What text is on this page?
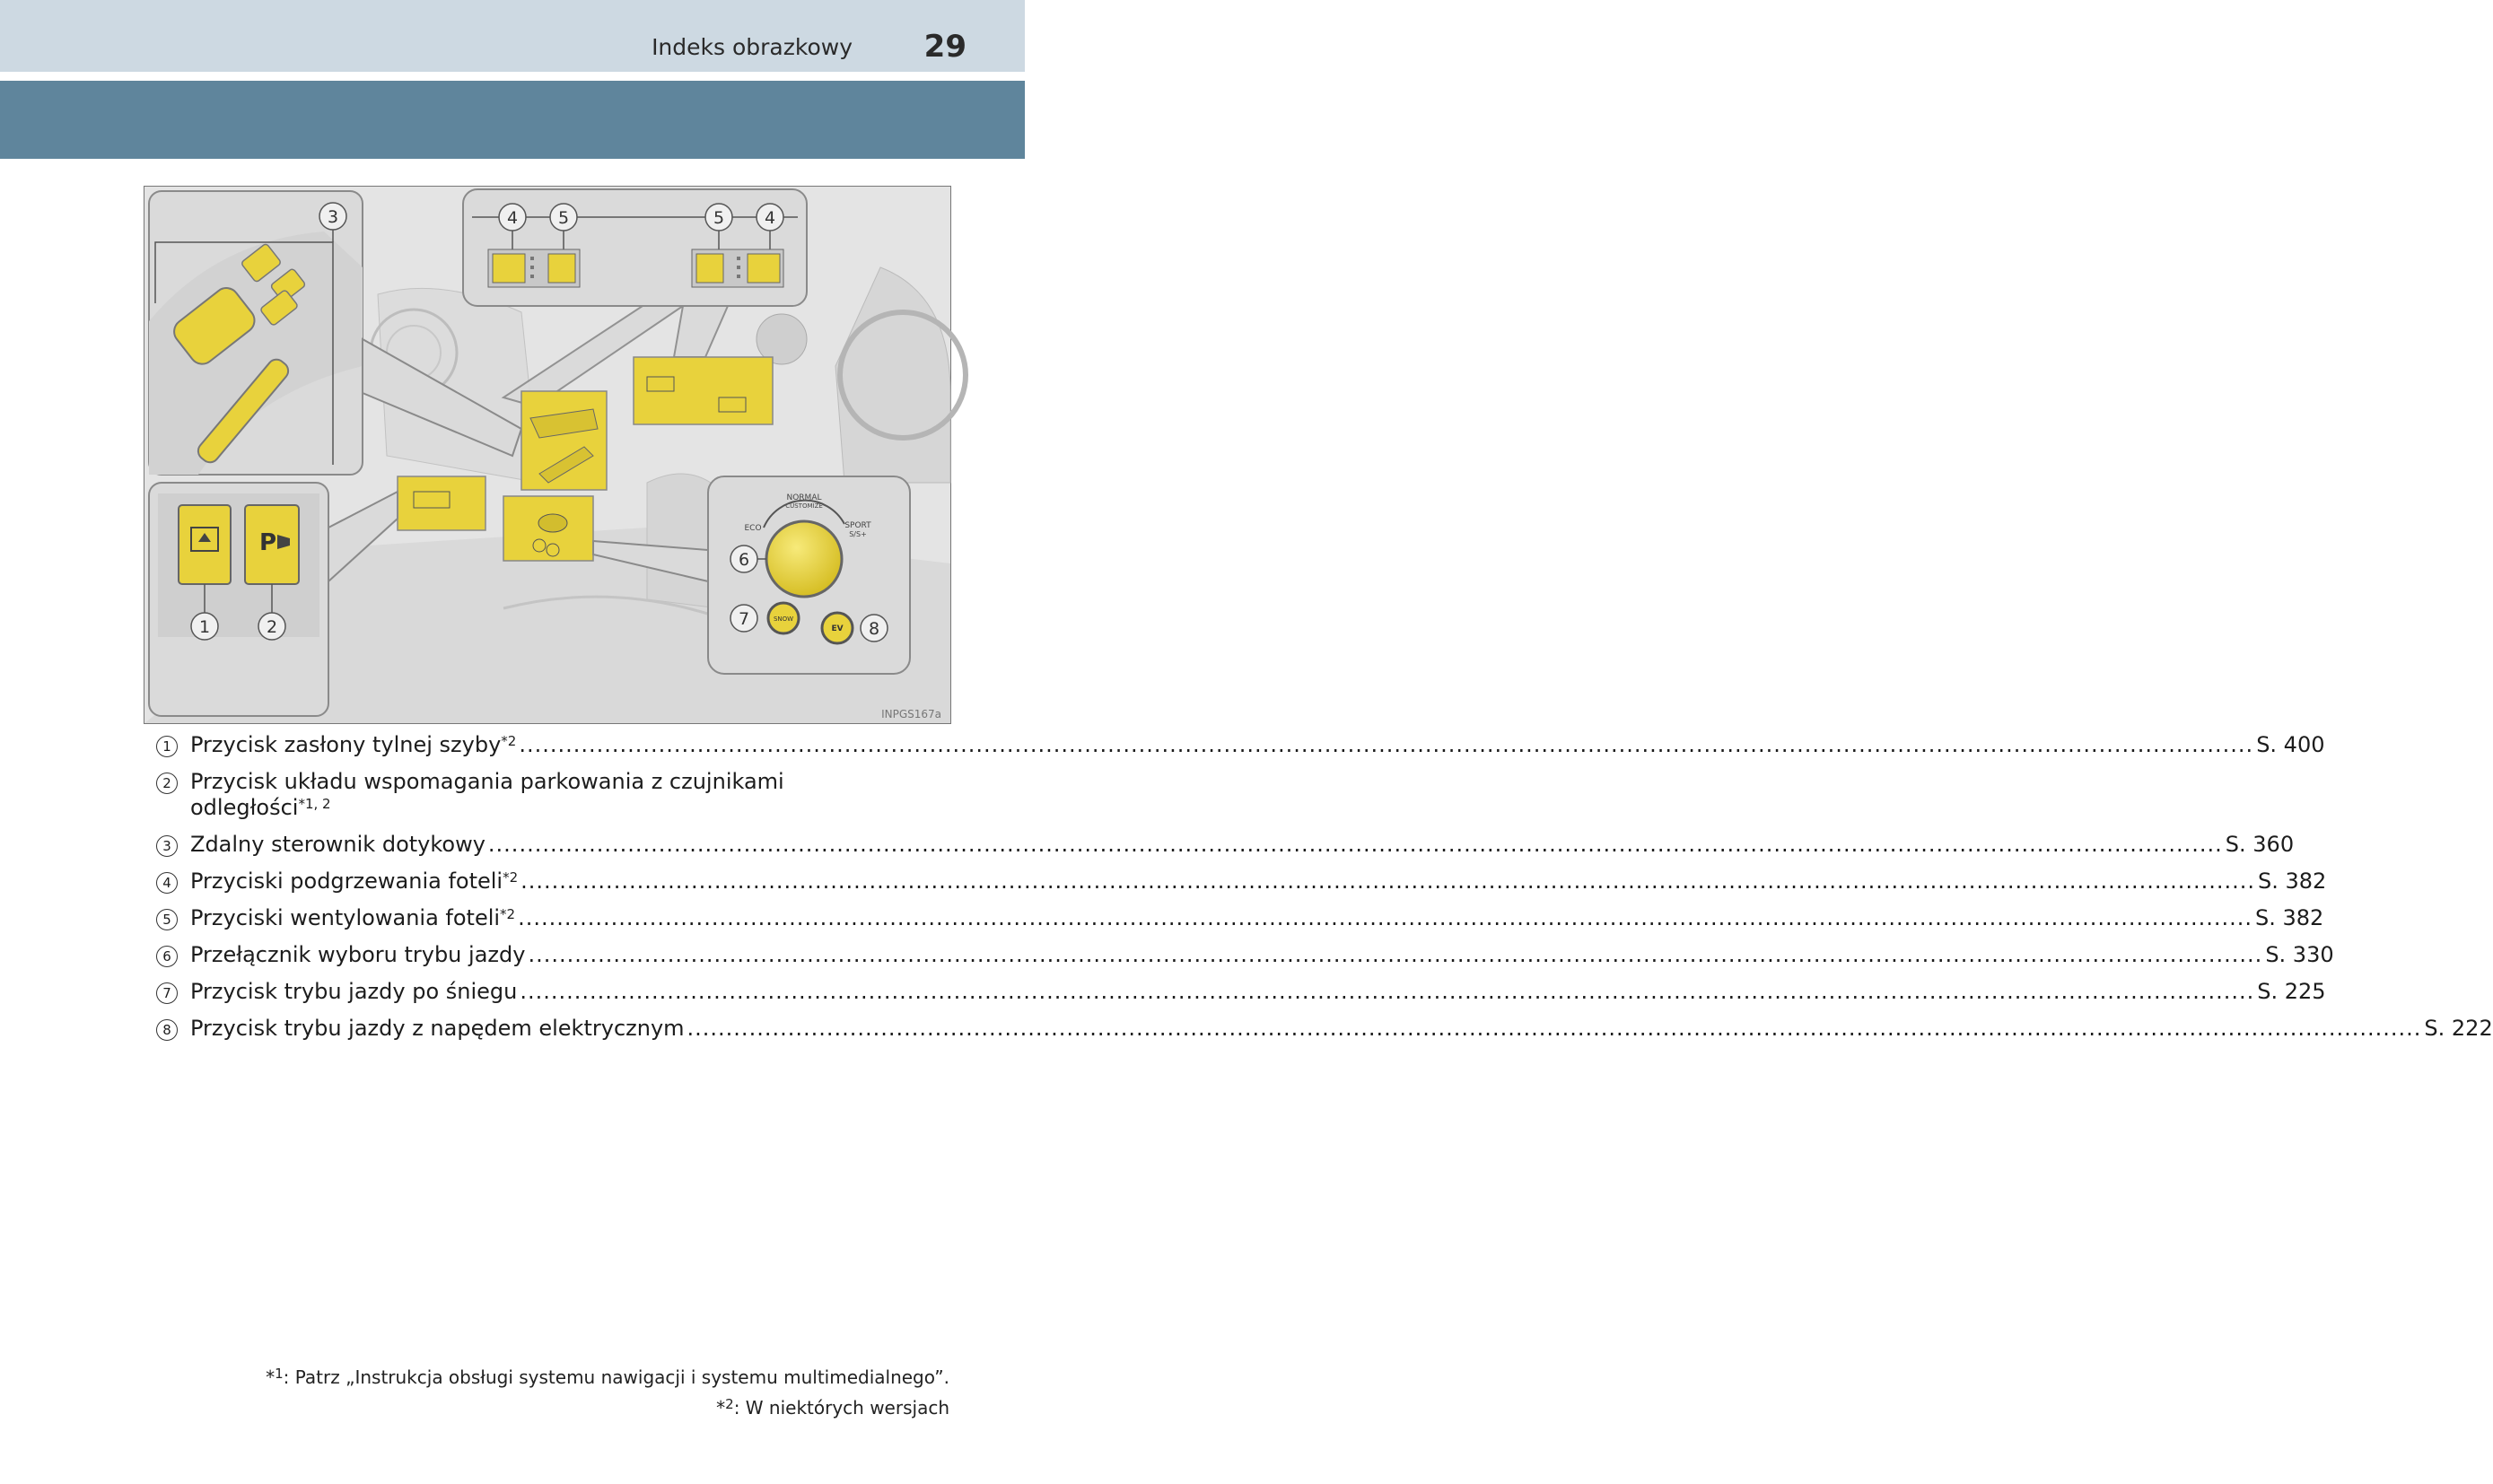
Indeks obrazkowy 29
3	4 5	5 4
P
1	2
NORMAL
CUSTOMIZE
ECO	SPORT
S/S+
6
SNOW
7	EV 8
INPGS167a
1 Przycisk zasłony tylnej szyby$^{*2}$ .....	S. 400
2 Przycisk układu wspomagania parkowania z czujnikami
odległości$^{*1, 2}$
3 Zdalny sterownik dotykowy .....	S. 360
4 Przyciski podgrzewania foteli$^{*2}$ .....	S. 382
5 Przyciski wentylowania foteli$^{*2}$ .....	S. 382
6 Przełącznik wyboru trybu jazdy .....	S. 330
7 Przycisk trybu jazdy po śniegu .....	S. 225
8 Przycisk trybu jazdy z napędem elektrycznym .....	S. 222
*$^1$: Patrz „Instrukcja obsługi systemu nawigacji i systemu multimedialnego”.
*$^2$: W niektórych wersjach
